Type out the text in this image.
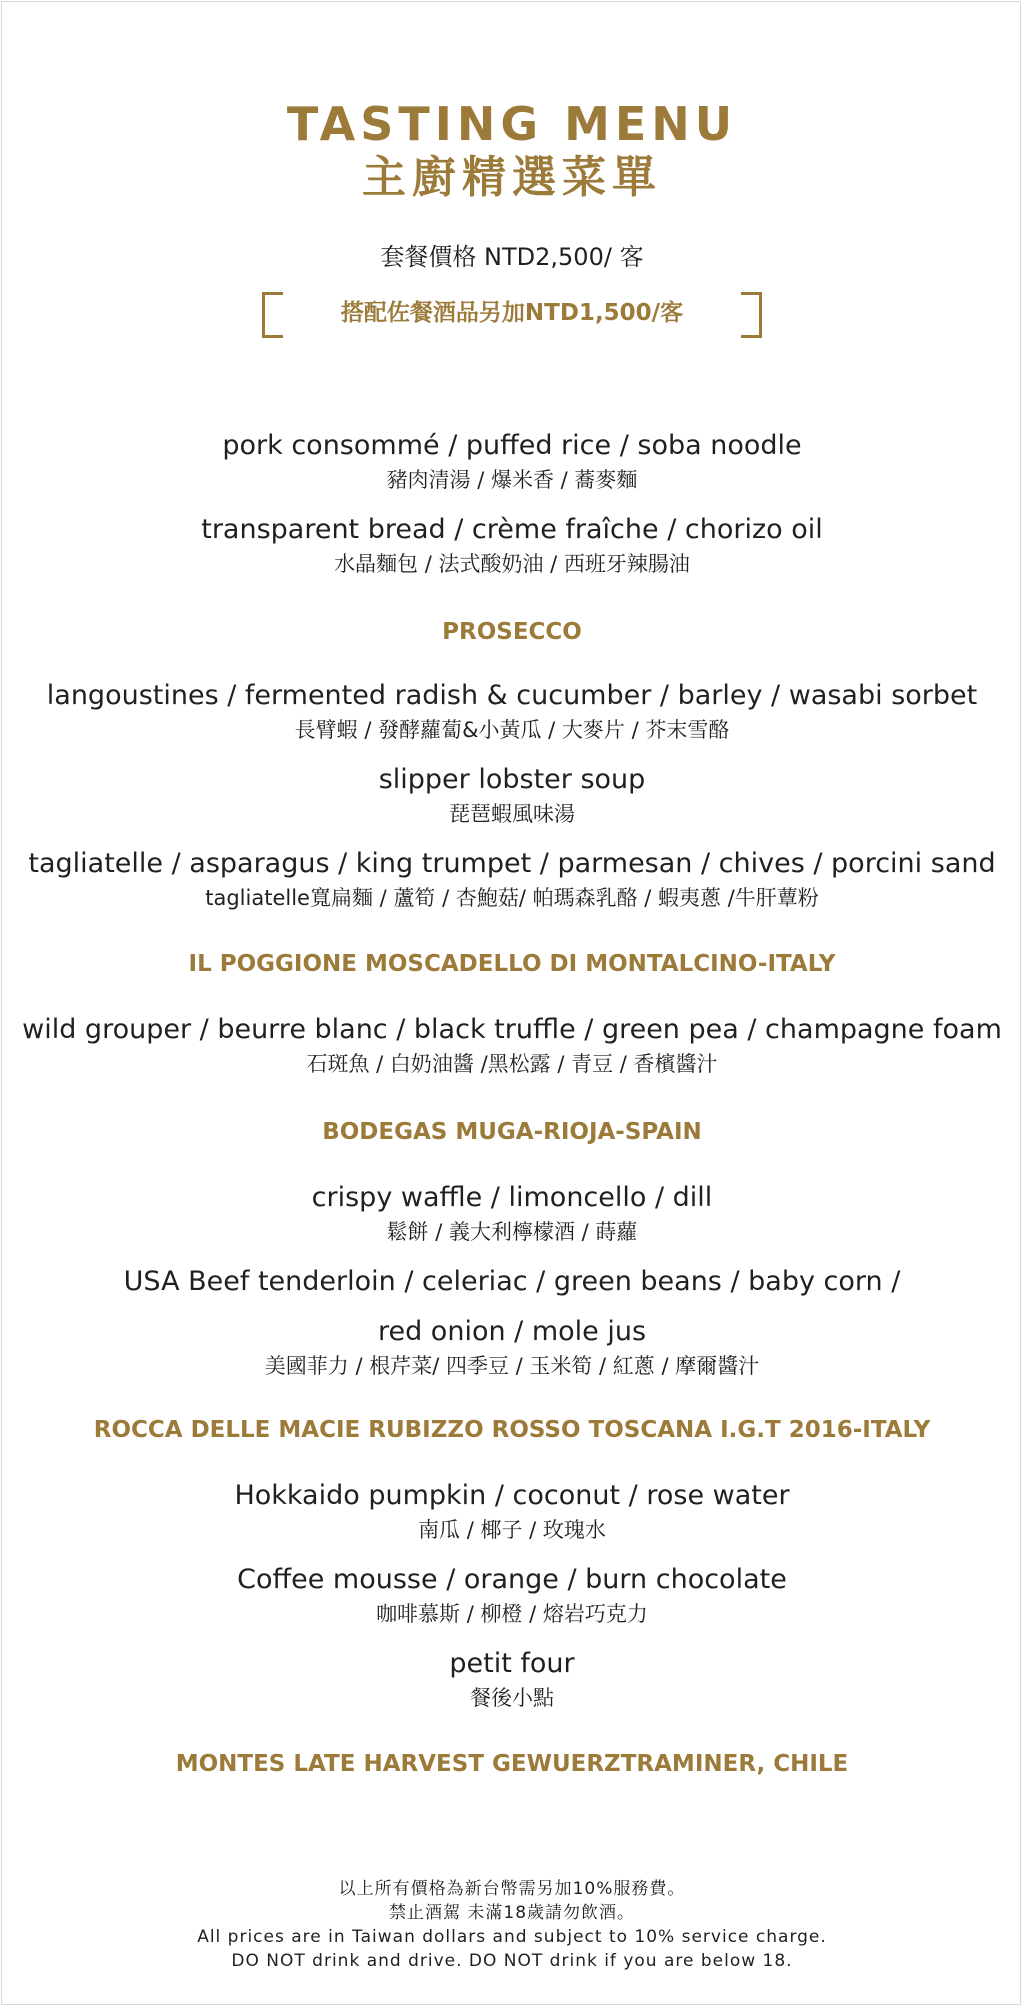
TASTING MENU
主廚精選菜單
套餐價格 NTD2,500/ 客
搭配佐餐酒品另加NTD1,500/客
pork consommé / puffed rice / soba noodle
豬肉清湯 / 爆米香 / 蕎麥麵
transparent bread / crème fraîche / chorizo oil
水晶麵包 / 法式酸奶油 / 西班牙辣腸油
PROSECCO
langoustines / fermented radish & cucumber / barley / wasabi sorbet
長臂蝦 / 發酵蘿蔔&小黃瓜 / 大麥片 / 芥末雪酪
slipper lobster soup
琵琶蝦風味湯
tagliatelle / asparagus / king trumpet / parmesan / chives / porcini sand
tagliatelle寬扁麵 / 蘆筍 / 杏鮑菇/ 帕瑪森乳酪 / 蝦夷蔥 /牛肝蕈粉
IL POGGIONE MOSCADELLO DI MONTALCINO-ITALY
wild grouper / beurre blanc / black truffle / green pea / champagne foam
石斑魚 / 白奶油醬 /黑松露 / 青豆 / 香檳醬汁
BODEGAS MUGA-RIOJA-SPAIN
crispy waffle / limoncello / dill
鬆餅 / 義大利檸檬酒 / 蒔蘿
USA Beef tenderloin / celeriac / green beans / baby corn /
red onion / mole jus
美國菲力 / 根芹菜/ 四季豆 / 玉米筍 / 紅蔥 / 摩爾醬汁
ROCCA DELLE MACIE RUBIZZO ROSSO TOSCANA I.G.T 2016-ITALY
Hokkaido pumpkin / coconut / rose water
南瓜 / 椰子 / 玫瑰水
Coffee mousse / orange / burn chocolate
咖啡慕斯 / 柳橙 / 熔岩巧克力
petit four
餐後小點
MONTES LATE HARVEST GEWUERZTRAMINER, CHILE
以上所有價格為新台幣需另加10%服務費。
禁止酒駕 未滿18歲請勿飲酒。
All prices are in Taiwan dollars and subject to 10% service charge.
DO NOT drink and drive. DO NOT drink if you are below 18.
